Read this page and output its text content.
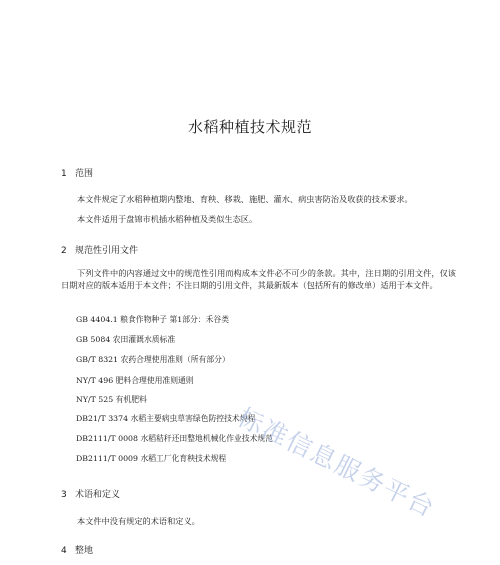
水稻种植技术规范
1 范围
本文件规定了水稻种植期内整地、育秧、移栽、施肥、灌水、病虫害防治及收获的技术要求。
本文件适用于盘锦市机插水稻种植及类似生态区。
2 规范性引用文件
下列文件中的内容通过文中的规范性引用而构成本文件必不可少的条款。其中，注日期的引用文件，仅该日期对应的版本适用于本文件；不注日期的引用文件，其最新版本（包括所有的修改单）适用于本文件。
GB 4404.1 粮食作物种子 第1部分：禾谷类
GB 5084 农田灌溉水质标准
GB/T 8321 农药合理使用准则（所有部分）
NY/T 496 肥料合理使用准则通则
NY/T 525 有机肥料
DB21/T 3374 水稻主要病虫草害绿色防控技术规程
DB2111/T 0008 水稻秸秆还田整地机械化作业技术规范
DB2111/T 0009 水稻工厂化育秧技术规程
3 术语和定义
本文件中没有规定的术语和定义。
4 整地
标准信息服务平台
